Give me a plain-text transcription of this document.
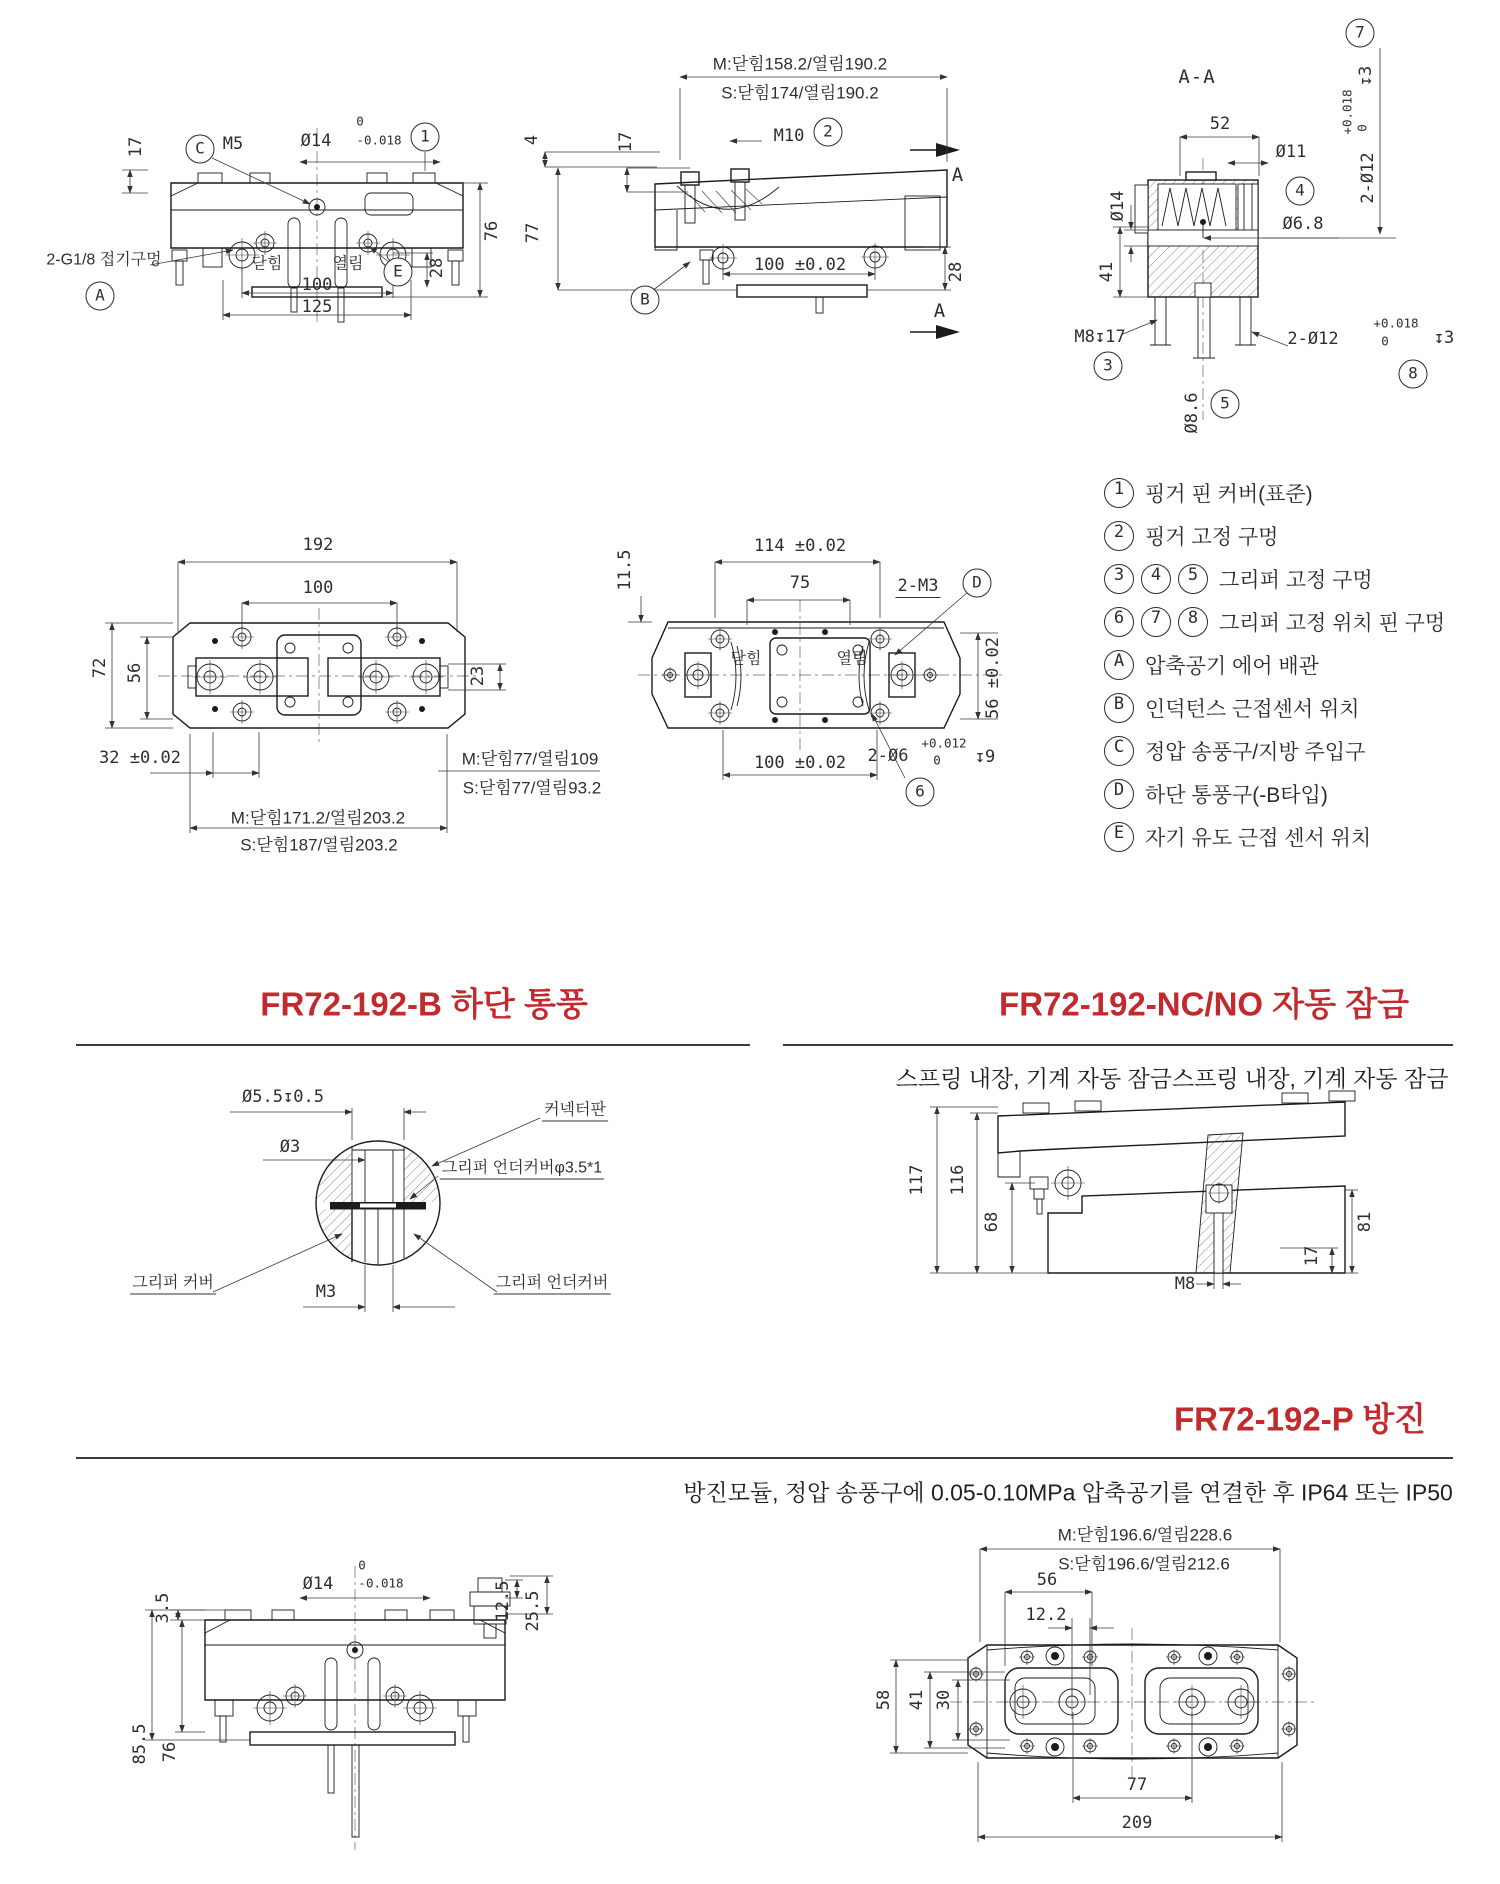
17	C	M5	Ø14
0
-0.018	1
76
28
닫힘	열림
100
125
2-G1/8 접기구멍
A
E
M:닫힘158.2/열림190.2
S:닫힘174/열림190.2
M10	2
4	17
77
28
A
A
100 ±0.02
B
A-A
7
↧3
+0.018 0
2-Ø12
52
Ø11
4
Ø6.8
Ø14
41
M8↧17
3
Ø8.6	5
2-Ø12
+0.018
0	↧3
8
192
100
72 56	23
32 ±0.02	M:닫힘77/열림109
S:닫힘77/열림93.2
M:닫힘171.2/열림203.2
S:닫힘187/열림203.2
11.5
114 ±0.02
75	2-M3	D
닫힘	열림	56 ±0.02
100 ±0.02 2-Ø6
+0.012
0 ↧9
6
Ø5.5↧0.5
커넥터판
Ø3
그리퍼 언더커버φ3.5*1
그리퍼 커버	M3	그리퍼 언더커버
117 116
68	81
17
M8
Ø14
0
-0.018
3.5	12.5 25.5
85.5 76
M:닫힘196.6/열림228.6
S:닫힘196.6/열림212.6
56
12.2
58 41 30
77
209
1 핑거 핀 커버(표준)
2 핑거 고정 구멍
3	4	5 그리퍼 고정 구멍
6	7	8 그리퍼 고정 위치 핀 구멍
A 압축공기 에어 배관
B 인덕턴스 근접센서 위치
C 정압 송풍구/지방 주입구
D 하단 통풍구(-B타입)
E 자기 유도 근접 센서 위치
FR72-192-B 하단 통풍	FR72-192-NC/NO 자동 잠금
스프링 내장, 기계 자동 잠금스프링 내장, 기계 자동 잠금
FR72-192-P 방진
방진모듈, 정압 송풍구에 0.05-0.10MPa 압축공기를 연결한 후 IP64 또는 IP50
